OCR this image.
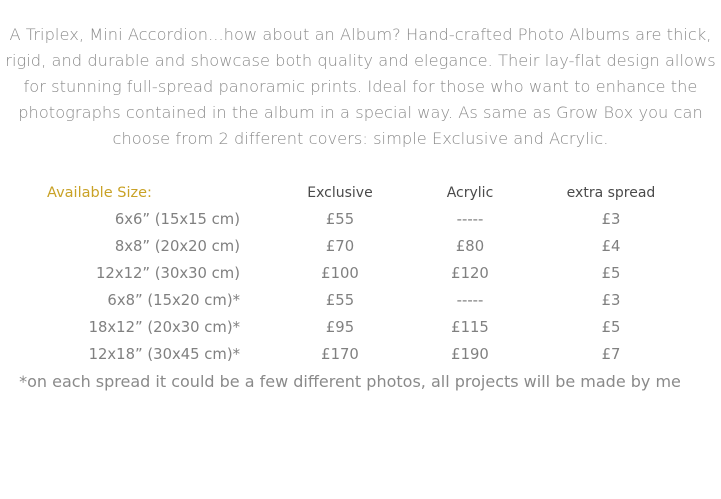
A Triplex, Mini Accordion...how about an Album? Hand-crafted Photo Albums are thick,

rigid, and durable and showcase both quality and elegance. Their lay-flat design allows

for stunning full-spread panoramic prints. Ideal for those who want to enhance the

photographs contained in the album in a special way. As same as Grow Box you can

choose from 2 different covers: simple Exclusive and Acrylic.

Available Size:	Exclusive	Acrylic	extra spread
6x6” (15x15 cm)	£55	-----	£3
8x8” (20x20 cm)	£70	£80	£4
12x12” (30x30 cm)	£100	£120	£5
6x8” (15x20 cm)*	£55	-----	£3
18x12” (20x30 cm)*	£95	£115	£5
12x18” (30x45 cm)*	£170	£190	£7
*on each spread it could be a few different photos, all projects will be made by me
